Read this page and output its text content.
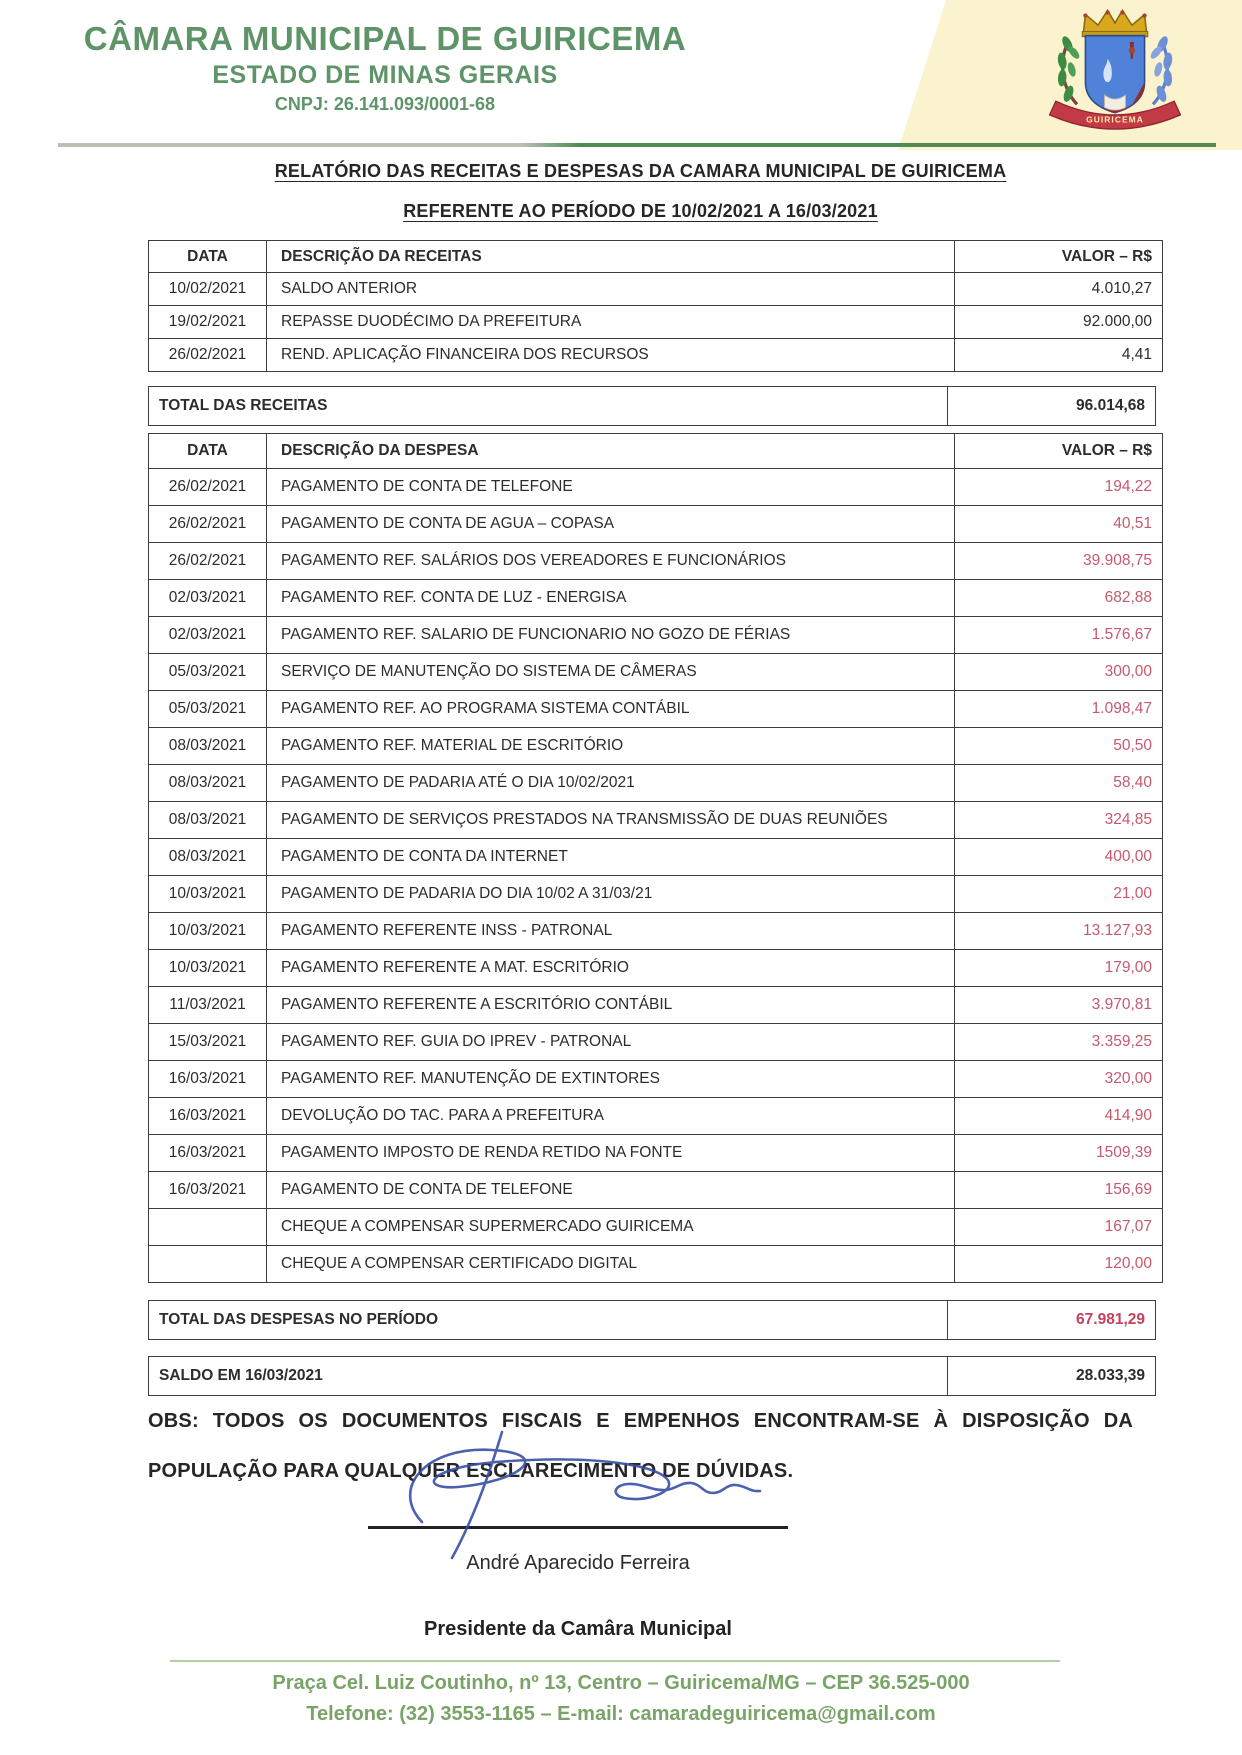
GUIRICEMA
CÂMARA MUNICIPAL DE GUIRICEMA
ESTADO DE MINAS GERAIS
CNPJ: 26.141.093/0001-68
RELATÓRIO DAS RECEITAS E DESPESAS DA CAMARA MUNICIPAL DE GUIRICEMA
REFERENTE AO PERÍODO DE 10/02/2021 A 16/03/2021
DATA	DESCRIÇÃO DA RECEITAS	VALOR – R$
10/02/2021	SALDO ANTERIOR	4.010,27
19/02/2021	REPASSE DUODÉCIMO DA PREFEITURA	92.000,00
26/02/2021	REND. APLICAÇÃO FINANCEIRA DOS RECURSOS	4,41
TOTAL DAS RECEITAS	96.014,68
DATA	DESCRIÇÃO DA DESPESA	VALOR – R$
26/02/2021	PAGAMENTO DE CONTA DE TELEFONE	194,22
26/02/2021	PAGAMENTO DE CONTA DE AGUA – COPASA	40,51
26/02/2021	PAGAMENTO REF. SALÁRIOS DOS VEREADORES E FUNCIONÁRIOS	39.908,75
02/03/2021	PAGAMENTO REF. CONTA DE LUZ - ENERGISA	682,88
02/03/2021	PAGAMENTO REF. SALARIO DE FUNCIONARIO NO GOZO DE FÉRIAS	1.576,67
05/03/2021	SERVIÇO DE MANUTENÇÃO DO SISTEMA DE CÂMERAS	300,00
05/03/2021	PAGAMENTO REF. AO PROGRAMA SISTEMA CONTÁBIL	1.098,47
08/03/2021	PAGAMENTO REF. MATERIAL DE ESCRITÓRIO	50,50
08/03/2021	PAGAMENTO DE PADARIA ATÉ O DIA 10/02/2021	58,40
08/03/2021	PAGAMENTO DE SERVIÇOS PRESTADOS NA TRANSMISSÃO DE DUAS REUNIÕES	324,85
08/03/2021	PAGAMENTO DE CONTA DA INTERNET	400,00
10/03/2021	PAGAMENTO DE PADARIA DO DIA 10/02 A 31/03/21	21,00
10/03/2021	PAGAMENTO REFERENTE INSS - PATRONAL	13.127,93
10/03/2021	PAGAMENTO REFERENTE A MAT. ESCRITÓRIO	179,00
11/03/2021	PAGAMENTO REFERENTE A ESCRITÓRIO CONTÁBIL	3.970,81
15/03/2021	PAGAMENTO REF. GUIA DO IPREV - PATRONAL	3.359,25
16/03/2021	PAGAMENTO REF. MANUTENÇÃO DE EXTINTORES	320,00
16/03/2021	DEVOLUÇÃO DO TAC. PARA A PREFEITURA	414,90
16/03/2021	PAGAMENTO IMPOSTO DE RENDA RETIDO NA FONTE	1509,39
16/03/2021	PAGAMENTO DE CONTA DE TELEFONE	156,69
	CHEQUE A COMPENSAR SUPERMERCADO GUIRICEMA	167,07
	CHEQUE A COMPENSAR CERTIFICADO DIGITAL	120,00
TOTAL DAS DESPESAS NO PERÍODO	67.981,29
SALDO EM 16/03/2021	28.033,39
OBS: TODOS OS DOCUMENTOS FISCAIS E EMPENHOS ENCONTRAM-SE À DISPOSIÇÃO DA
POPULAÇÃO PARA QUALQUER ESCLARECIMENTO DE DÚVIDAS.
André Aparecido Ferreira
Presidente da Camâra Municipal
Praça Cel. Luiz Coutinho, nº 13, Centro – Guiricema/MG – CEP 36.525-000
Telefone: (32) 3553-1165 – E-mail: camaradeguiricema@gmail.com
